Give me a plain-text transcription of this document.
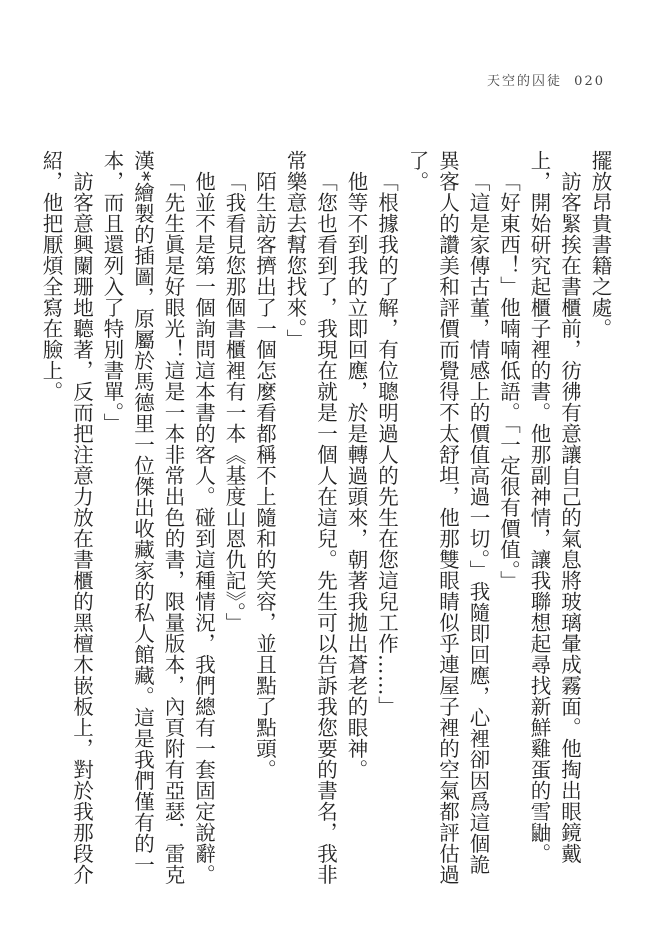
天空的囚徒 020

擺放昂貴書籍之處。

訪客緊挨在書櫃前，彷彿有意讓自己的氣息將玻璃暈成霧面。他掏出眼鏡戴上，開始研究起櫃子裡的書。他那副神情，讓我聯想起尋找新鮮雞蛋的雪鼬。

「好東西！」他喃喃低語。「一定很有價值。」

「這是家傳古董，情感上的價值高過一切。」我隨即回應，心裡卻因爲這個詭異客人的讚美和評價而覺得不太舒坦，他那雙眼睛似乎連屋子裡的空氣都評估過了。

「根據我的了解，有位聰明過人的先生在您這兒工作……」

他等不到我的立即回應，於是轉過頭來，朝著我拋出蒼老的眼神。

「您也看到了，我現在就是一個人在這兒。先生可以告訴我您要的書名，我非常樂意去幫您找來。」

陌生訪客擠出了一個怎麼看都稱不上隨和的笑容，並且點了點頭。

「我看見您那個書櫃裡有一本《基度山恩仇記》。」

他並不是第一個詢問這本書的客人。碰到這種情況，我們總有一套固定說辭。

「先生眞是好眼光！這是一本非常出色的書，限量版本，內頁附有亞瑟．雷克漢*繪製的插圖，原屬於馬德里一位傑出收藏家的私人館藏。這是我們僅有的一本，而且還列入了特別書單。」

訪客意興闌珊地聽著，反而把注意力放在書櫃的黑檀木嵌板上，對於我那段介紹，他把厭煩全寫在臉上。
